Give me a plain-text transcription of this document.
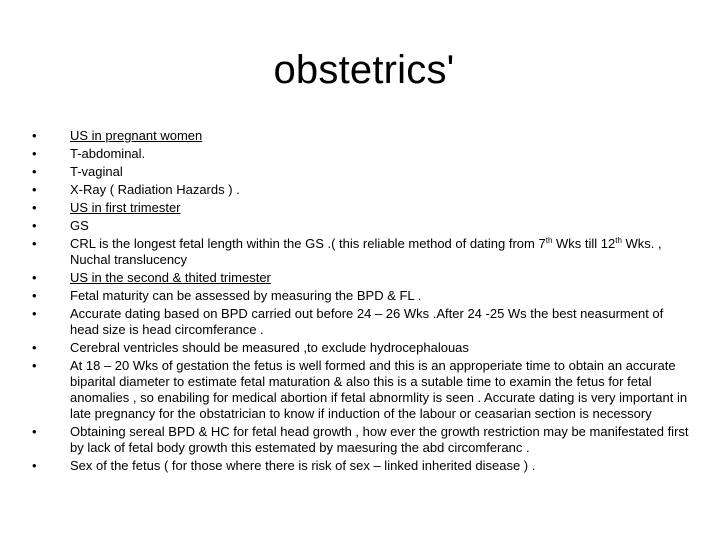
obstetrics'
•	US in pregnant women
•	T-abdominal.
•	T-vaginal
•	X-Ray ( Radiation Hazards ) .
•	US in first trimester
•	GS
•	CRL is the longest fetal length within the GS .( this reliable method of dating from 7th Wks till 12th Wks. , Nuchal translucency
•	US in the second & thited trimester
•	Fetal maturity can be assessed by measuring the BPD & FL .
•	Accurate dating based on BPD carried out before 24 – 26 Wks .After 24 -25 Ws the best neasurment of head size is head circomferance .
•	Cerebral ventricles should be measured ,to exclude hydrocephalouas
•	At 18 – 20 Wks of gestation the fetus is well formed and this is an approperiate time to obtain an accurate biparital diameter to estimate fetal maturation & also this is a sutable time to examin the fetus for fetal anomalies , so enabiling for medical abortion if fetal abnormlity is seen . Accurate dating is very important in late pregnancy for the obstatrician to know if induction of the labour or ceasarian section is necessory
•	Obtaining sereal BPD & HC for fetal head growth , how ever the growth restriction may be manifestated first by lack of fetal body growth this estemated by maesuring the abd circomferanc .
•	Sex of the fetus ( for those where there is risk of sex – linked inherited disease ) .
